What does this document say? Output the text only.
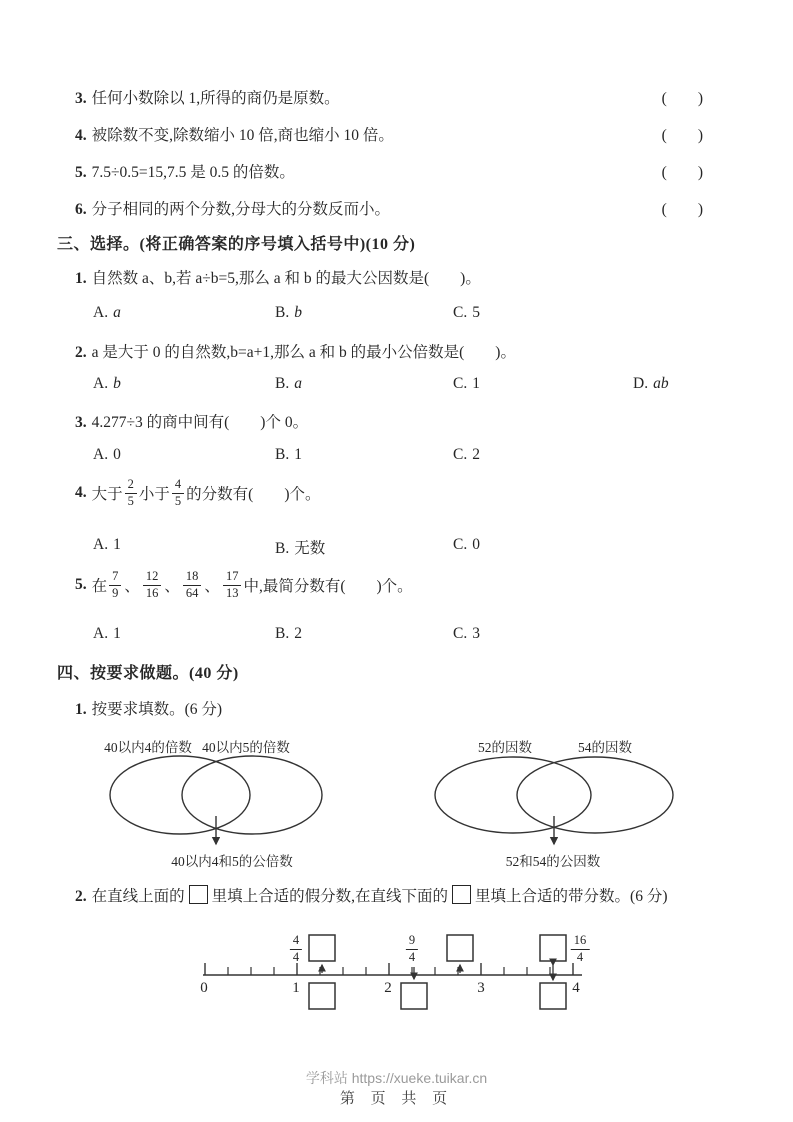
3. 任何小数除以 1,所得的商仍是原数。	(　　)
4. 被除数不变,除数缩小 10 倍,商也缩小 10 倍。	(　　)
5. 7.5÷0.5=15,7.5 是 0.5 的倍数。	(　　)
6. 分子相同的两个分数,分母大的分数反而小。	(　　)
三、选择。(将正确答案的序号填入括号中)(10 分)
1. 自然数 a、b,若 a÷b=5,那么 a 和 b 的最大公因数是(　　)。
A. a	B. b	C. 5
2. a 是大于 0 的自然数,b=a+1,那么 a 和 b 的最小公倍数是(　　)。
A. b	B. a	C. 1	D. ab
3. 4.277÷3 的商中间有(　　)个 0。
A. 0	B. 1	C. 2
4. 大于 $\frac{2}{5}$ 小于 $\frac{4}{5}$ 的分数有(　　)个。
A. 1	B. 无数	C. 0
5. 在 $\frac{7}{9}$ 、 $\frac{12}{16}$ 、 $\frac{18}{64}$ 、 $\frac{17}{13}$ 中,最简分数有(　　)个。
A. 1	B. 2	C. 3
四、按要求做题。(40 分)
1. 按要求填数。(6 分)
40以内4的倍数 40以内5的倍数	52的因数	54的因数
40以内4和5的公倍数	52和54的公因数
2. 在直线上面的 里填上合适的假分数,在直线下面的 里填上合适的带分数。(6 分)
$\frac{4}{4}$	$\frac{9}{4}$	$\frac{16}{4}$
0	1	2	3	4
学科站 https://xueke.tuikar.cn
第 页 共 页
